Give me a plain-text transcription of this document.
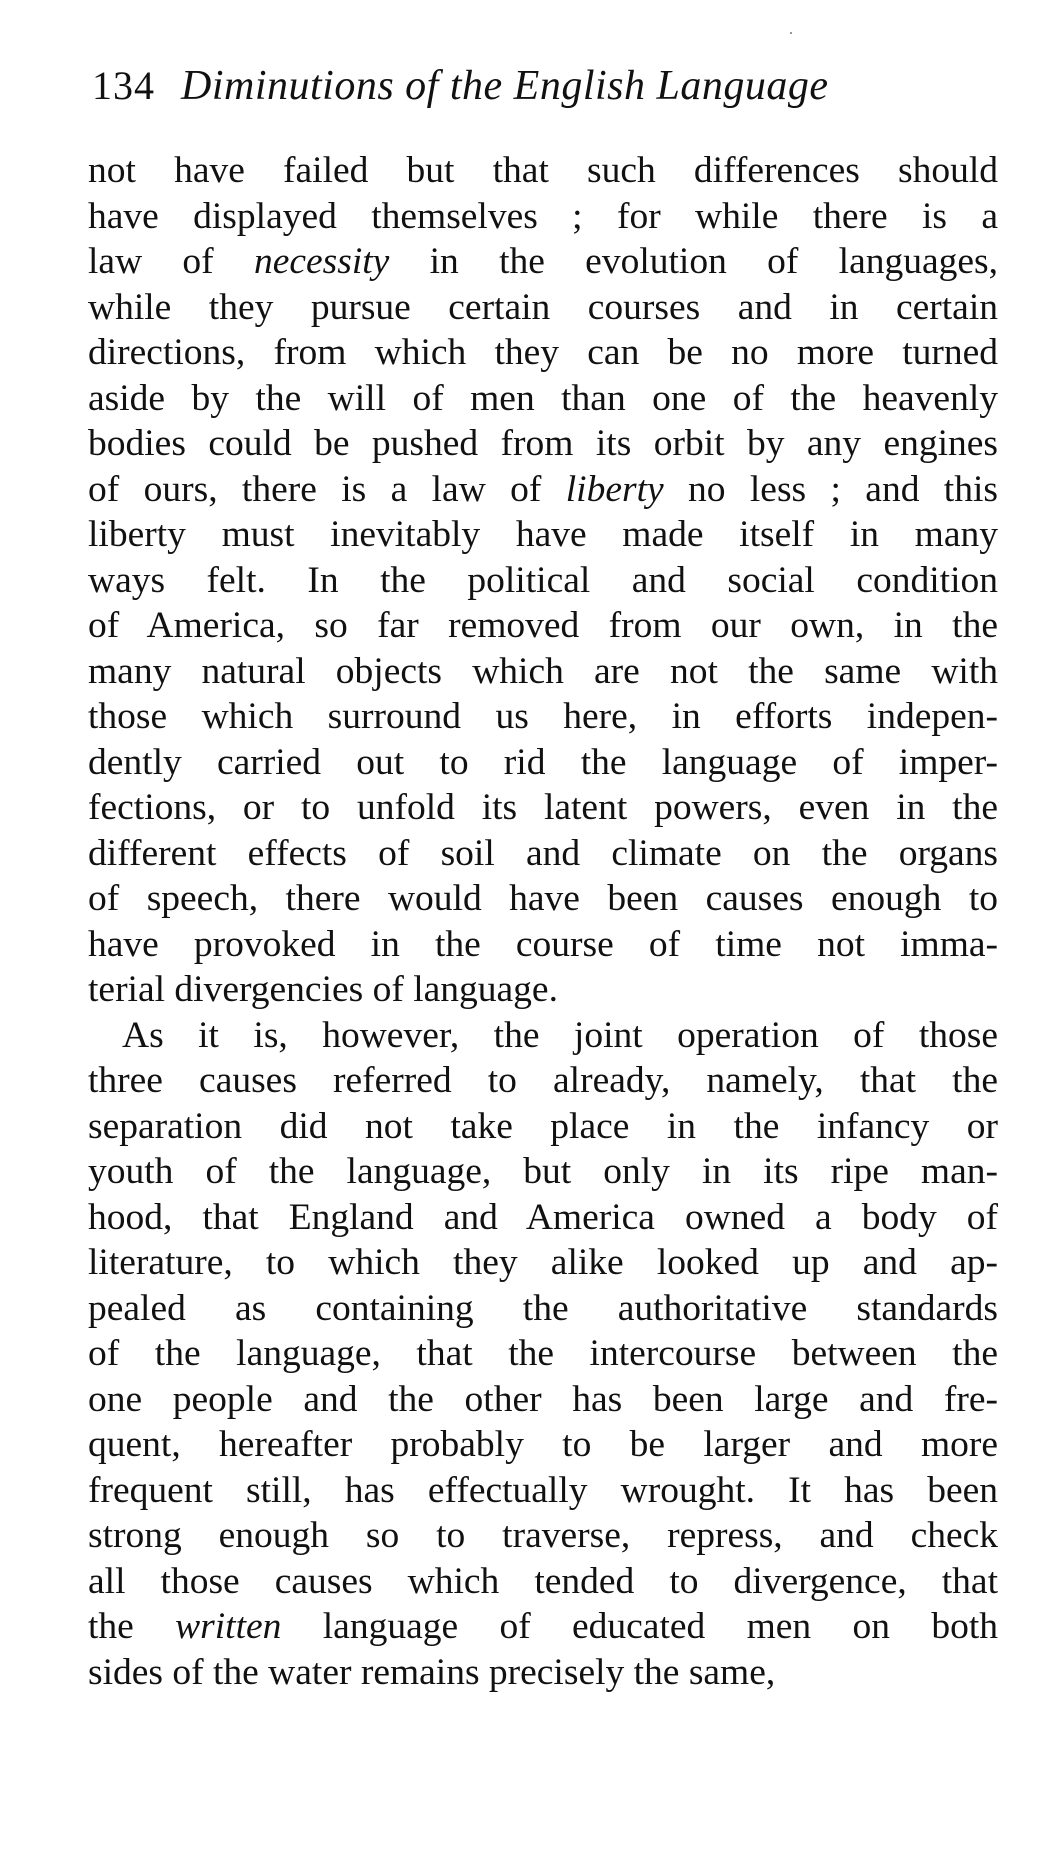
134 Diminutions of the English Language
not have failed but that such differences should
have displayed themselves ; for while there is a
law of necessity in the evolution of languages,
while they pursue certain courses and in certain
directions, from which they can be no more turned
aside by the will of men than one of the heavenly
bodies could be pushed from its orbit by any engines
of ours, there is a law of liberty no less ; and this
liberty must inevitably have made itself in many
ways felt. In the political and social condition
of America, so far removed from our own, in the
many natural objects which are not the same with
those which surround us here, in efforts indepen-
dently carried out to rid the language of imper-
fections, or to unfold its latent powers, even in the
different effects of soil and climate on the organs
of speech, there would have been causes enough to
have provoked in the course of time not imma-
terial divergencies of language.
As it is, however, the joint operation of those
three causes referred to already, namely, that the
separation did not take place in the infancy or
youth of the language, but only in its ripe man-
hood, that England and America owned a body of
literature, to which they alike looked up and ap-
pealed as containing the authoritative standards
of the language, that the intercourse between the
one people and the other has been large and fre-
quent, hereafter probably to be larger and more
frequent still, has effectually wrought. It has been
strong enough so to traverse, repress, and check
all those causes which tended to divergence, that
the written language of educated men on both
sides of the water remains precisely the same,
